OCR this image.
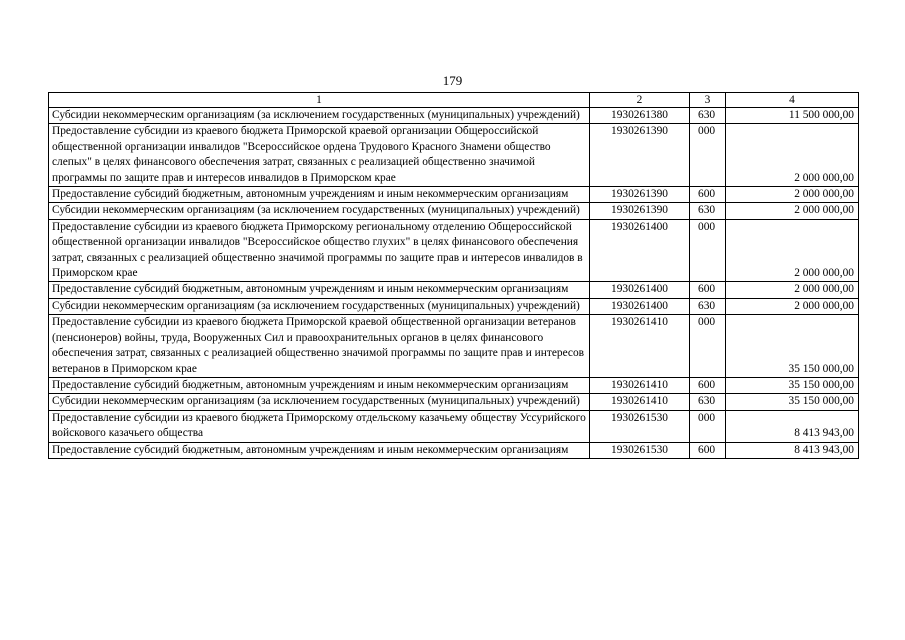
179
1	2	3	4
Субсидии некоммерческим организациям (за исключением государственных (муниципальных) учреждений)	1930261380	630	11 500 000,00
Предоставление субсидии из краевого бюджета Приморской краевой организации Общероссийской общественной организации инвалидов "Всероссийское ордена Трудового Красного Знамени общество слепых" в целях финансового обеспечения затрат, связанных с реализацией общественно значимой программы по защите прав и интересов инвалидов в Приморском крае	1930261390	000	2 000 000,00
Предоставление субсидий бюджетным, автономным учреждениям и иным некоммерческим организациям	1930261390	600	2 000 000,00
Субсидии некоммерческим организациям (за исключением государственных (муниципальных) учреждений)	1930261390	630	2 000 000,00
Предоставление субсидии из краевого бюджета Приморскому региональному отделению Общероссийской общественной организации инвалидов "Всероссийское общество глухих" в целях финансового обеспечения затрат, связанных с реализацией общественно значимой программы по защите прав и интересов инвалидов в Приморском крае	1930261400	000	2 000 000,00
Предоставление субсидий бюджетным, автономным учреждениям и иным некоммерческим организациям	1930261400	600	2 000 000,00
Субсидии некоммерческим организациям (за исключением государственных (муниципальных) учреждений)	1930261400	630	2 000 000,00
Предоставление субсидии из краевого бюджета Приморской краевой общественной организации ветеранов (пенсионеров) войны, труда, Вооруженных Сил и правоохранительных органов в целях финансового обеспечения затрат, связанных с реализацией общественно значимой программы по защите прав и интересов ветеранов в Приморском крае	1930261410	000	35 150 000,00
Предоставление субсидий бюджетным, автономным учреждениям и иным некоммерческим организациям	1930261410	600	35 150 000,00
Субсидии некоммерческим организациям (за исключением государственных (муниципальных) учреждений)	1930261410	630	35 150 000,00
Предоставление субсидии из краевого бюджета Приморскому отдельскому казачьему обществу Уссурийского войскового казачьего общества	1930261530	000	8 413 943,00
Предоставление субсидий бюджетным, автономным учреждениям и иным некоммерческим организациям	1930261530	600	8 413 943,00
